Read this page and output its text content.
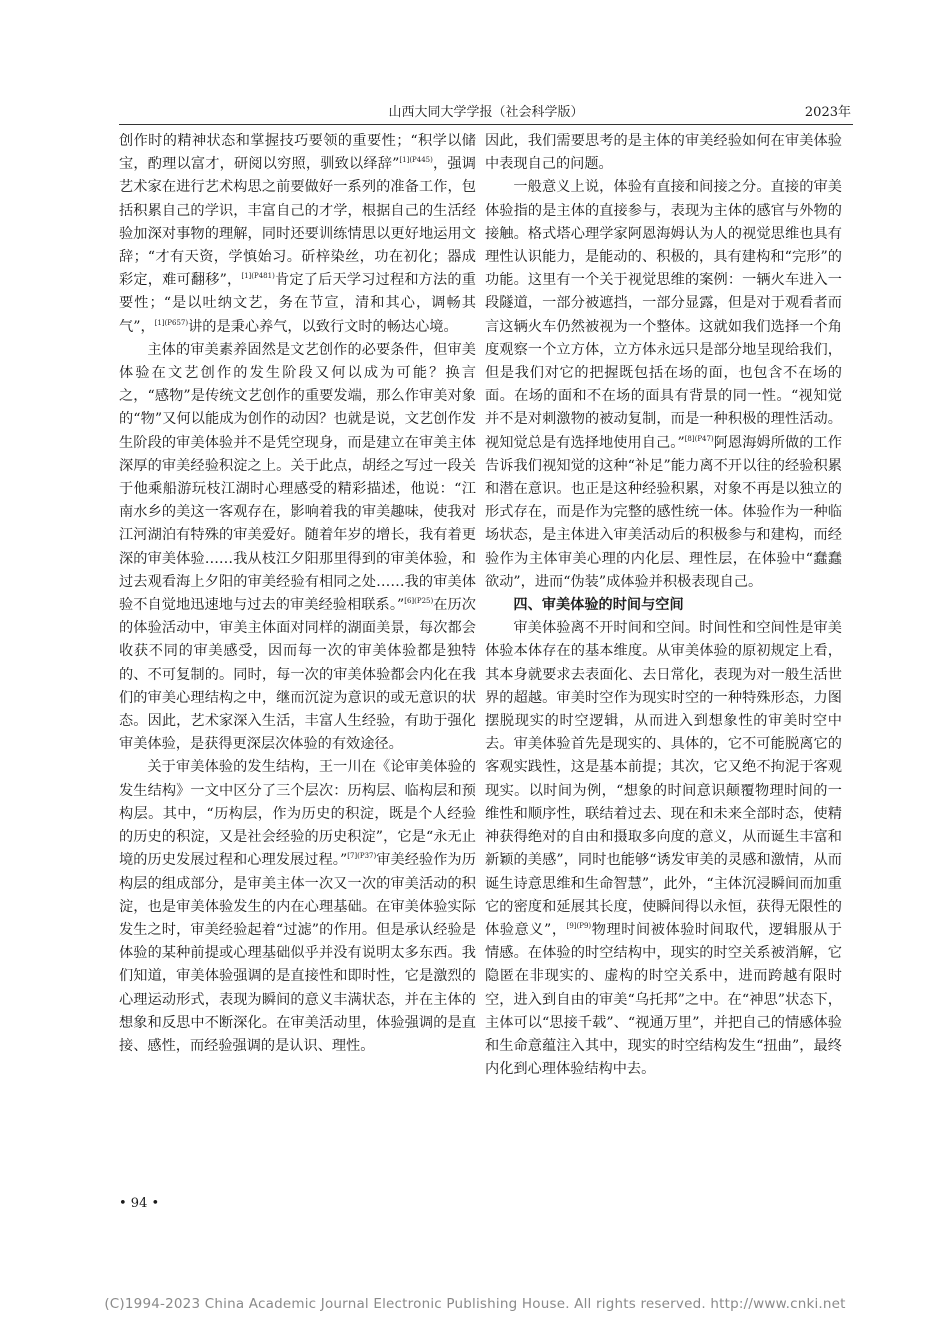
山西大同大学学报（社会科学版）	2023年

创作时的精神状态和掌握技巧要领的重要性；“积学以储宝，酌理以富才，研阅以穷照，驯致以绎辞”$^{[1](P445)}$，强调艺术家在进行艺术构思之前要做好一系列的准备工作，包括积累自己的学识，丰富自己的才学，根据自己的生活经验加深对事物的理解，同时还要训练情思以更好地运用文辞；“才有天资，学慎始习。斫梓染丝，功在初化；器成彩定，难可翻移”，$^{[1](P481)}$肯定了后天学习过程和方法的重要性；“是以吐纳文艺，务在节宣，清和其心，调畅其气”，$^{[1](P657)}$讲的是秉心养气，以致行文时的畅达心境。

主体的审美素养固然是文艺创作的必要条件，但审美体验在文艺创作的发生阶段又何以成为可能？换言之，“感物”是传统文艺创作的重要发端，那么作审美对象的“物”又何以能成为创作的动因？也就是说，文艺创作发生阶段的审美体验并不是凭空现身，而是建立在审美主体深厚的审美经验积淀之上。关于此点，胡经之写过一段关于他乘船游玩枝江湖时心理感受的精彩描述，他说：“江南水乡的美这一客观存在，影响着我的审美趣味，使我对江河湖泊有特殊的审美爱好。随着年岁的增长，我有着更深的审美体验……我从枝江夕阳那里得到的审美体验，和过去观看海上夕阳的审美经验有相同之处……我的审美体验不自觉地迅速地与过去的审美经验相联系。”$^{[6](P25)}$在历次的体验活动中，审美主体面对同样的湖面美景，每次都会收获不同的审美感受，因而每一次的审美体验都是独特的、不可复制的。同时，每一次的审美体验都会内化在我们的审美心理结构之中，继而沉淀为意识的或无意识的状态。因此，艺术家深入生活，丰富人生经验，有助于强化审美体验，是获得更深层次体验的有效途径。

关于审美体验的发生结构，王一川在《论审美体验的发生结构》一文中区分了三个层次：历构层、临构层和预构层。其中，“历构层，作为历史的积淀，既是个人经验的历史的积淀，又是社会经验的历史积淀”，它是“永无止境的历史发展过程和心理发展过程。”$^{[7](P37)}$审美经验作为历构层的组成部分，是审美主体一次又一次的审美活动的积淀，也是审美体验发生的内在心理基础。在审美体验实际发生之时，审美经验起着“过滤”的作用。但是承认经验是体验的某种前提或心理基础似乎并没有说明太多东西。我们知道，审美体验强调的是直接性和即时性，它是激烈的心理运动形式，表现为瞬间的意义丰满状态，并在主体的想象和反思中不断深化。在审美活动里，体验强调的是直接、感性，而经验强调的是认识、理性。

因此，我们需要思考的是主体的审美经验如何在审美体验中表现自己的问题。

一般意义上说，体验有直接和间接之分。直接的审美体验指的是主体的直接参与，表现为主体的感官与外物的接触。格式塔心理学家阿恩海姆认为人的视觉思维也具有理性认识能力，是能动的、积极的，具有建构和“完形”的功能。这里有一个关于视觉思维的案例：一辆火车进入一段隧道，一部分被遮挡，一部分显露，但是对于观看者而言这辆火车仍然被视为一个整体。这就如我们选择一个角度观察一个立方体，立方体永远只是部分地呈现给我们，但是我们对它的把握既包括在场的面，也包含不在场的面。在场的面和不在场的面具有背景的同一性。“视知觉并不是对刺激物的被动复制，而是一种积极的理性活动。视知觉总是有选择地使用自己。”$^{[8](P47)}$阿恩海姆所做的工作告诉我们视知觉的这种“补足”能力离不开以往的经验积累和潜在意识。也正是这种经验积累，对象不再是以独立的形式存在，而是作为完整的感性统一体。体验作为一种临场状态，是主体进入审美活动后的积极参与和建构，而经验作为主体审美心理的内化层、理性层，在体验中“蠢蠢欲动”，进而“伪装”成体验并积极表现自己。

四、审美体验的时间与空间

审美体验离不开时间和空间。时间性和空间性是审美体验本体存在的基本维度。从审美体验的原初规定上看，其本身就要求去表面化、去日常化，表现为对一般生活世界的超越。审美时空作为现实时空的一种特殊形态，力图摆脱现实的时空逻辑，从而进入到想象性的审美时空中去。审美体验首先是现实的、具体的，它不可能脱离它的客观实践性，这是基本前提；其次，它又绝不拘泥于客观现实。以时间为例，“想象的时间意识颠覆物理时间的一维性和顺序性，联结着过去、现在和未来全部时态，使精神获得绝对的自由和摄取多向度的意义，从而诞生丰富和新颖的美感”，同时也能够“诱发审美的灵感和激情，从而诞生诗意思维和生命智慧”，此外，“主体沉浸瞬间而加重它的密度和延展其长度，使瞬间得以永恒，获得无限性的体验意义”，$^{[9](P9)}$物理时间被体验时间取代，逻辑服从于情感。在体验的时空结构中，现实的时空关系被消解，它隐匿在非现实的、虚构的时空关系中，进而跨越有限时空，进入到自由的审美“乌托邦”之中。在“神思”状态下，主体可以“思接千载”、“视通万里”，并把自己的情感体验和生命意蕴注入其中，现实的时空结构发生“扭曲”，最终内化到心理体验结构中去。

• 94 •
(C)1994-2023 China Academic Journal Electronic Publishing House. All rights reserved. http://www.cnki.net
